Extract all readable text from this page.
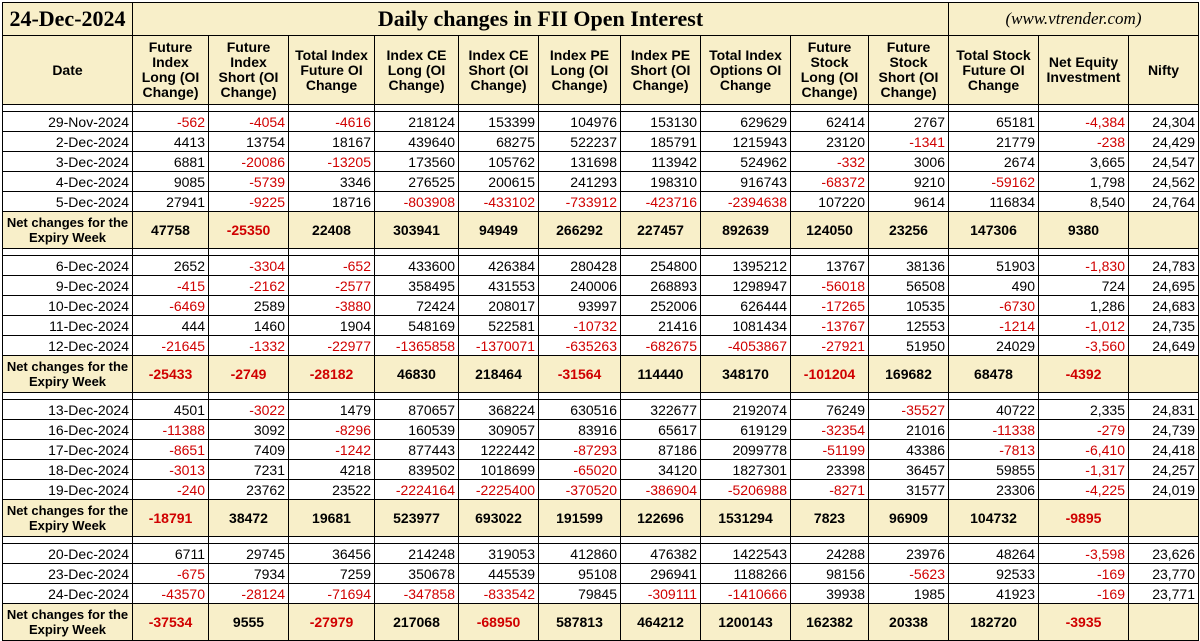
24-Dec-2024	Daily changes in FII Open Interest										(www.vtrender.com)		
Date	Future Index Long (OI Change)	Future Index Short (OI Change)	Total Index Future OI Change	Index CE Long (OI Change)	Index CE Short (OI Change)	Index PE Long (OI Change)	Index PE Short (OI Change)	Total Index Options OI Change	Future Stock Long (OI Change)	Future Stock Short (OI Change)	Total Stock Future OI Change	Net Equity Investment	Nifty

29-Nov-2024	-562	-4054	-4616	218124	153399	104976	153130	629629	62414	2767	65181	-4,384	24,304
2-Dec-2024	4413	13754	18167	439640	68275	522237	185791	1215943	23120	-1341	21779	-238	24,429
3-Dec-2024	6881	-20086	-13205	173560	105762	131698	113942	524962	-332	3006	2674	3,665	24,547
4-Dec-2024	9085	-5739	3346	276525	200615	241293	198310	916743	-68372	9210	-59162	1,798	24,562
5-Dec-2024	27941	-9225	18716	-803908	-433102	-733912	-423716	-2394638	107220	9614	116834	8,540	24,764
Net changes for the Expiry Week	47758	-25350	22408	303941	94949	266292	227457	892639	124050	23256	147306	9380	

6-Dec-2024	2652	-3304	-652	433600	426384	280428	254800	1395212	13767	38136	51903	-1,830	24,783
9-Dec-2024	-415	-2162	-2577	358495	431553	240006	268893	1298947	-56018	56508	490	724	24,695
10-Dec-2024	-6469	2589	-3880	72424	208017	93997	252006	626444	-17265	10535	-6730	1,286	24,683
11-Dec-2024	444	1460	1904	548169	522581	-10732	21416	1081434	-13767	12553	-1214	-1,012	24,735
12-Dec-2024	-21645	-1332	-22977	-1365858	-1370071	-635263	-682675	-4053867	-27921	51950	24029	-3,560	24,649
Net changes for the Expiry Week	-25433	-2749	-28182	46830	218464	-31564	114440	348170	-101204	169682	68478	-4392	

13-Dec-2024	4501	-3022	1479	870657	368224	630516	322677	2192074	76249	-35527	40722	2,335	24,831
16-Dec-2024	-11388	3092	-8296	160539	309057	83916	65617	619129	-32354	21016	-11338	-279	24,739
17-Dec-2024	-8651	7409	-1242	877443	1222442	-87293	87186	2099778	-51199	43386	-7813	-6,410	24,418
18-Dec-2024	-3013	7231	4218	839502	1018699	-65020	34120	1827301	23398	36457	59855	-1,317	24,257
19-Dec-2024	-240	23762	23522	-2224164	-2225400	-370520	-386904	-5206988	-8271	31577	23306	-4,225	24,019
Net changes for the Expiry Week	-18791	38472	19681	523977	693022	191599	122696	1531294	7823	96909	104732	-9895	

20-Dec-2024	6711	29745	36456	214248	319053	412860	476382	1422543	24288	23976	48264	-3,598	23,626
23-Dec-2024	-675	7934	7259	350678	445539	95108	296941	1188266	98156	-5623	92533	-169	23,770
24-Dec-2024	-43570	-28124	-71694	-347858	-833542	79845	-309111	-1410666	39938	1985	41923	-169	23,771
Net changes for the Expiry Week	-37534	9555	-27979	217068	-68950	587813	464212	1200143	162382	20338	182720	-3935	
